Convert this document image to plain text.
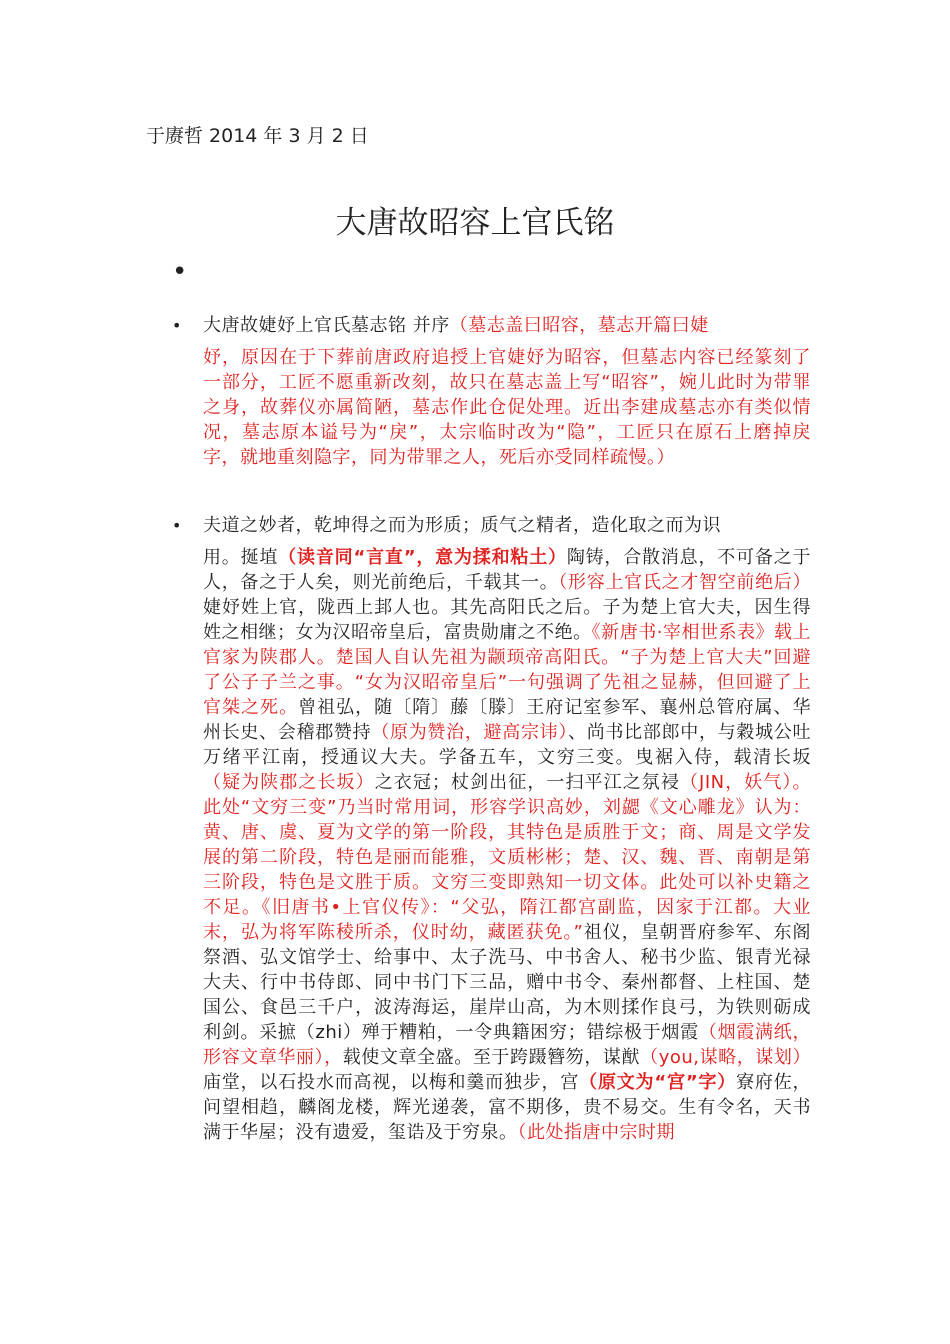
于赓哲 2014 年 3 月 2 日
大唐故昭容上官氏铭
•
• 大唐故婕妤上官氏墓志铭 并序（墓志盖曰昭容，墓志开篇曰婕
妤，原因在于下葬前唐政府追授上官婕妤为昭容，但墓志内容已经篆刻了一部分，工匠不愿重新改刻，故只在墓志盖上写“昭容”，婉儿此时为带罪之身，故葬仪亦属简陋，墓志作此仓促处理。近出李建成墓志亦有类似情况，墓志原本谥号为“戾”，太宗临时改为“隐”，工匠只在原石上磨掉戾字，就地重刻隐字，同为带罪之人，死后亦受同样疏慢。）
• 夫道之妙者，乾坤得之而为形质；质气之精者，造化取之而为识
用。挻埴（读音同“言直”，意为揉和粘土）陶铸，合散消息，不可备之于人，备之于人矣，则光前绝后，千载其一。（形容上官氏之才智空前绝后）婕妤姓上官，陇西上邽人也。其先高阳氏之后。子为楚上官大夫，因生得姓之相继；女为汉昭帝皇后，富贵勋庸之不绝。《新唐书·宰相世系表》载上官家为陕郡人。楚国人自认先祖为颛顼帝高阳氏。“子为楚上官大夫”回避了公子子兰之事。“女为汉昭帝皇后”一句强调了先祖之显赫，但回避了上官桀之死。曾祖弘，随〔隋〕藤〔滕〕王府记室参军、襄州总管府属、华州长史、会稽郡赞持（原为赞治，避高宗讳）、尚书比部郎中，与穀城公吐万绪平江南，授通议大夫。学备五车，文穷三变。曳裾入侍，载清长坂（疑为陕郡之长坂）之衣冠；杖剑出征，一扫平江之氛祲（JIN，妖气）。此处“文穷三变”乃当时常用词，形容学识高妙，刘勰《文心雕龙》认为：黄、唐、虞、夏为文学的第一阶段，其特色是质胜于文；商、周是文学发展的第二阶段，特色是丽而能雅，文质彬彬；楚、汉、魏、晋、南朝是第三阶段，特色是文胜于质。文穷三变即熟知一切文体。此处可以补史籍之不足。《旧唐书•上官仪传》：“父弘，隋江都宫副监，因家于江都。大业末，弘为将军陈稜所杀，仪时幼，藏匿获免。”祖仪，皇朝晋府参军、东阁祭酒、弘文馆学士、给事中、太子洗马、中书舍人、秘书少监、银青光禄大夫、行中书侍郎、同中书门下三品，赠中书令、秦州都督、上柱国、楚国公、食邑三千户，波涛海运，崖岸山高，为木则揉作良弓，为铁则砺成利剑。采摭（zhi）殚于糟粕，一令典籍困穷；错综极于烟霞（烟霞满纸，形容文章华丽），载使文章全盛。至于跨蹑簪笏，谋猷（you,谋略，谋划）庙堂，以石投水而高视，以梅和羹而独步，宫（原文为“宫”字）寮府佐，问望相趋，麟阁龙楼，辉光递袭，富不期侈，贵不易交。生有令名，天书满于华屋；没有遗爱，玺诰及于穷泉。（此处指唐中宗时期
